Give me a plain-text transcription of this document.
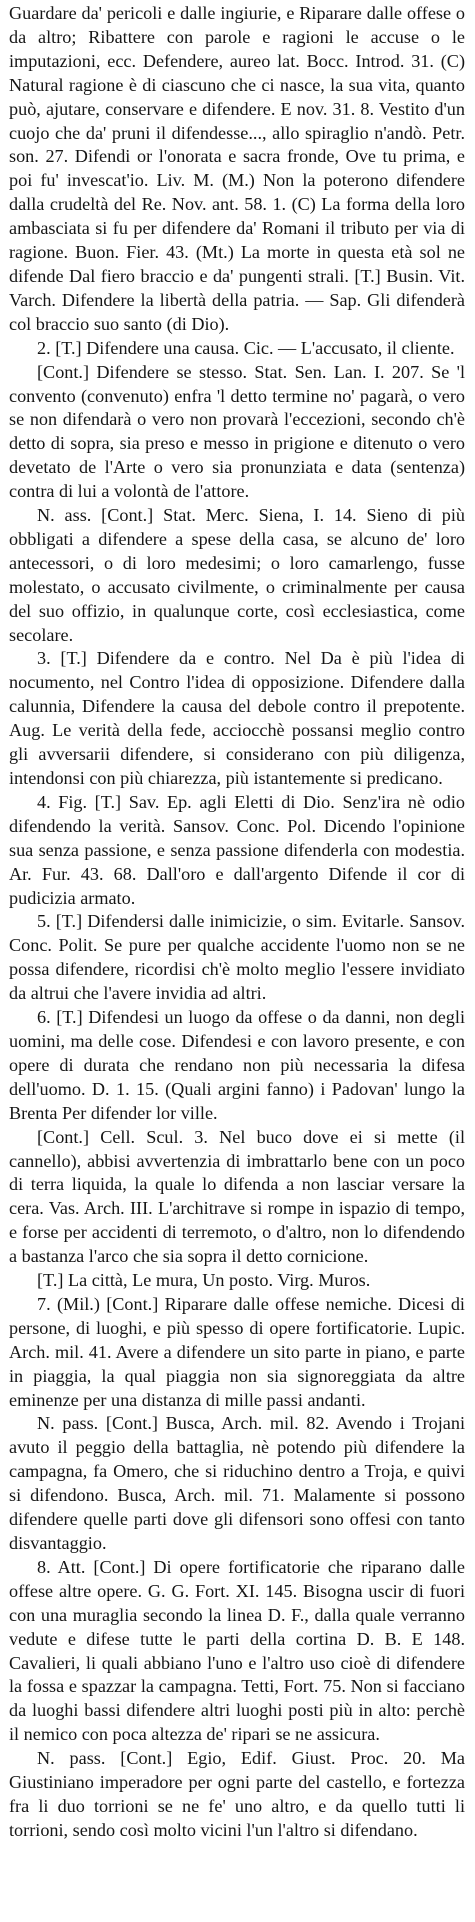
Guardare da' pericoli e dalle ingiurie, e Riparare dalle offese o da altro; Ribattere con parole e ragioni le accuse o le imputazioni, ecc. Defendere, aureo lat. Bocc. Introd. 31. (C) Natural ragione è di ciascuno che ci nasce, la sua vita, quanto può, ajutare, conservare e difendere. E nov. 31. 8. Vestito d'un cuojo che da' pruni il difendesse..., allo spiraglio n'andò. Petr. son. 27. Difendi or l'onorata e sacra fronde, Ove tu prima, e poi fu' invescat'io. Liv. M. (M.) Non la poterono difendere dalla crudeltà del Re. Nov. ant. 58. 1. (C) La forma della loro ambasciata si fu per difendere da' Romani il tributo per via di ragione. Buon. Fier. 43. (Mt.) La morte in questa età sol ne difende Dal fiero braccio e da' pungenti strali. [T.] Busin. Vit. Varch. Difendere la libertà della patria. — Sap. Gli difenderà col braccio suo santo (di Dio).

2. [T.] Difendere una causa. Cic. — L'accusato, il cliente.

[Cont.] Difendere se stesso. Stat. Sen. Lan. I. 207. Se 'l convento (convenuto) enfra 'l detto termine no' pagarà, o vero se non difendarà o vero non provarà l'eccezioni, secondo ch'è detto di sopra, sia preso e messo in prigione e ditenuto o vero devetato de l'Arte o vero sia pronunziata e data (sentenza) contra di lui a volontà de l'attore.

N. ass. [Cont.] Stat. Merc. Siena, I. 14. Sieno di più obbligati a difendere a spese della casa, se alcuno de' loro antecessori, o di loro medesimi; o loro camarlengo, fusse molestato, o accusato civilmente, o criminalmente per causa del suo offizio, in qualunque corte, così ecclesiastica, come secolare.

3. [T.] Difendere da e contro. Nel Da è più l'idea di nocumento, nel Contro l'idea di opposizione. Difendere dalla calunnia, Difendere la causa del debole contro il prepotente. Aug. Le verità della fede, acciocchè possansi meglio contro gli avversarii difendere, si considerano con più diligenza, intendonsi con più chiarezza, più istantemente si predicano.

4. Fig. [T.] Sav. Ep. agli Eletti di Dio. Senz'ira nè odio difendendo la verità. Sansov. Conc. Pol. Dicendo l'opinione sua senza passione, e senza passione difenderla con modestia. Ar. Fur. 43. 68. Dall'oro e dall'argento Difende il cor di pudicizia armato.

5. [T.] Difendersi dalle inimicizie, o sim. Evitarle. Sansov. Conc. Polit. Se pure per qualche accidente l'uomo non se ne possa difendere, ricordisi ch'è molto meglio l'essere invidiato da altrui che l'avere invidia ad altri.

6. [T.] Difendesi un luogo da offese o da danni, non degli uomini, ma delle cose. Difendesi e con lavoro presente, e con opere di durata che rendano non più necessaria la difesa dell'uomo. D. 1. 15. (Quali argini fanno) i Padovan' lungo la Brenta Per difender lor ville.

[Cont.] Cell. Scul. 3. Nel buco dove ei si mette (il cannello), abbisi avvertenzia di imbrattarlo bene con un poco di terra liquida, la quale lo difenda a non lasciar versare la cera. Vas. Arch. III. L'architrave si rompe in ispazio di tempo, e forse per accidenti di terremoto, o d'altro, non lo difendendo a bastanza l'arco che sia sopra il detto cornicione.

[T.] La città, Le mura, Un posto. Virg. Muros.

7. (Mil.) [Cont.] Riparare dalle offese nemiche. Dicesi di persone, di luoghi, e più spesso di opere fortificatorie. Lupic. Arch. mil. 41. Avere a difendere un sito parte in piano, e parte in piaggia, la qual piaggia non sia signoreggiata da altre eminenze per una distanza di mille passi andanti.

N. pass. [Cont.] Busca, Arch. mil. 82. Avendo i Trojani avuto il peggio della battaglia, nè potendo più difendere la campagna, fa Omero, che si riduchino dentro a Troja, e quivi si difendono. Busca, Arch. mil. 71. Malamente si possono difendere quelle parti dove gli difensori sono offesi con tanto disvantaggio.

8. Att. [Cont.] Di opere fortificatorie che riparano dalle offese altre opere. G. G. Fort. XI. 145. Bisogna uscir di fuori con una muraglia secondo la linea D. F., dalla quale verranno vedute e difese tutte le parti della cortina D. B. E 148. Cavalieri, li quali abbiano l'uno e l'altro uso cioè di difendere la fossa e spazzar la campagna. Tetti, Fort. 75. Non si facciano da luoghi bassi difendere altri luoghi posti più in alto: perchè il nemico con poca altezza de' ripari se ne assicura.

N. pass. [Cont.] Egio, Edif. Giust. Proc. 20. Ma Giustiniano imperadore per ogni parte del castello, e fortezza fra li duo torrioni se ne fe' uno altro, e da quello tutti li torrioni, sendo così molto vicini l'un l'altro si difendano.
